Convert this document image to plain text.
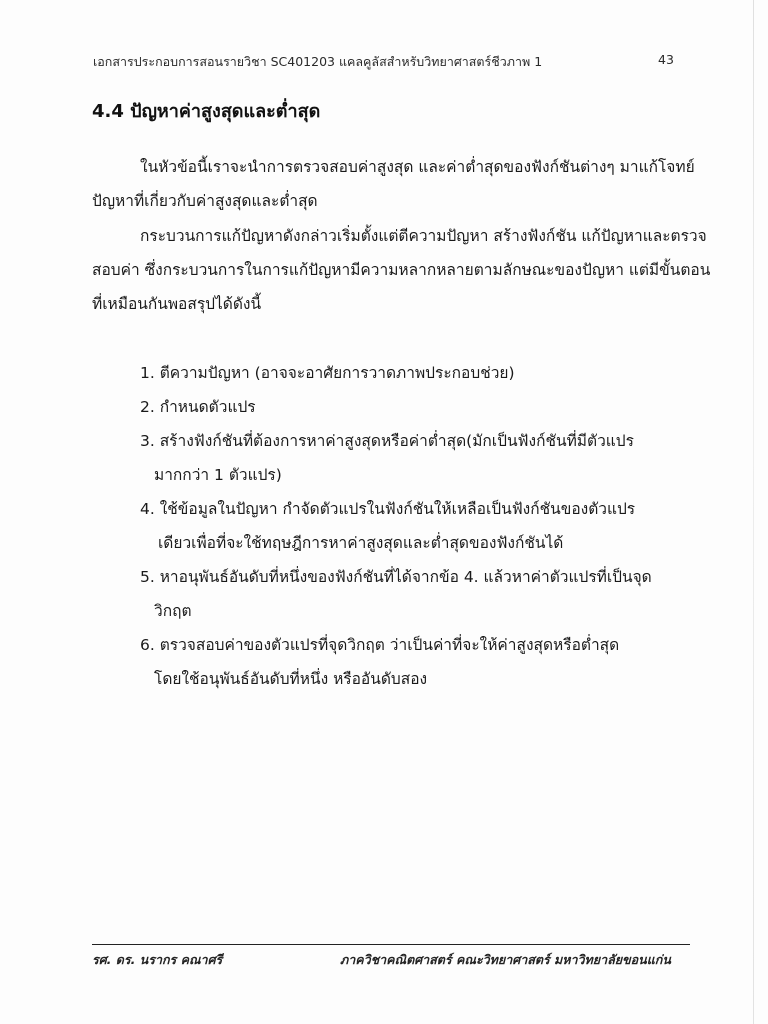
เอกสารประกอบการสอนรายวิชา SC401203 แคลคูลัสสำหรับวิทยาศาสตร์ชีวภาพ 1	43
4.4 ปัญหาค่าสูงสุดและต่ำสุด
ในหัวข้อนี้เราจะนำการตรวจสอบค่าสูงสุด และค่าต่ำสุดของฟังก์ชันต่างๆ มาแก้โจทย์ปัญหาที่เกี่ยวกับค่าสูงสุดและต่ำสุด
กระบวนการแก้ปัญหาดังกล่าวเริ่มตั้งแต่ตีความปัญหา สร้างฟังก์ชัน แก้ปัญหาและตรวจสอบค่า ซึ่งกระบวนการในการแก้ปัญหามีความหลากหลายตามลักษณะของปัญหา แต่มีขั้นตอนที่เหมือนกันพอสรุปได้ดังนี้
1. ตีความปัญหา (อาจจะอาศัยการวาดภาพประกอบช่วย)
2. กำหนดตัวแปร
3. สร้างฟังก์ชันที่ต้องการหาค่าสูงสุดหรือค่าต่ำสุด(มักเป็นฟังก์ชันที่มีตัวแปร
มากกว่า 1 ตัวแปร)
4. ใช้ข้อมูลในปัญหา กำจัดตัวแปรในฟังก์ชันให้เหลือเป็นฟังก์ชันของตัวแปร
เดียวเพื่อที่จะใช้ทฤษฎีการหาค่าสูงสุดและต่ำสุดของฟังก์ชันได้
5. หาอนุพันธ์อันดับที่หนึ่งของฟังก์ชันที่ได้จากข้อ 4. แล้วหาค่าตัวแปรที่เป็นจุด
วิกฤต
6. ตรวจสอบค่าของตัวแปรที่จุดวิกฤต ว่าเป็นค่าที่จะให้ค่าสูงสุดหรือต่ำสุด
โดยใช้อนุพันธ์อันดับที่หนึ่ง หรืออันดับสอง
รศ. ดร. นรากร คณาศรี	ภาควิชาคณิตศาสตร์ คณะวิทยาศาสตร์ มหาวิทยาลัยขอนแก่น
